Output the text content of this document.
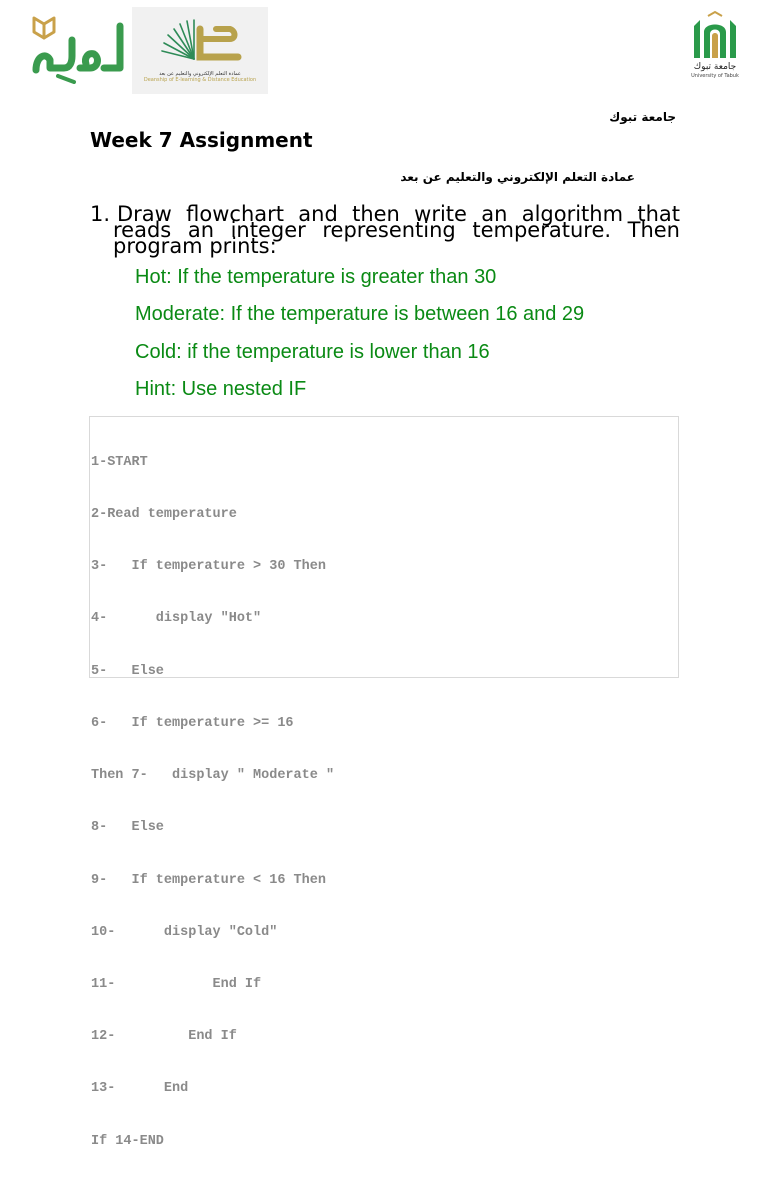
عمادة التعلم الإلكتروني والتعليم عن بعد
Deanship of E-learning & Distance Education
جامعة تبوك
University of Tabuk
جامعة تبوك
Week 7 Assignment
عمادة التعلم الإلكتروني والتعليم عن بعد
1. Draw flowchart and then write an algorithm that reads an integer representing temperature. Then program prints:
Hot: If the temperature is greater than 30
Moderate: If the temperature is between 16 and 29
Cold: if the temperature is lower than 16
Hint: Use nested IF

1-START

2-Read temperature

3-   If temperature > 30 Then

4-      display "Hot"

5-   Else

6-   If temperature >= 16

Then 7-   display " Moderate "

8-   Else

9-   If temperature < 16 Then

10-      display "Cold"

11-            End If

12-         End If

13-      End

If 14-END
